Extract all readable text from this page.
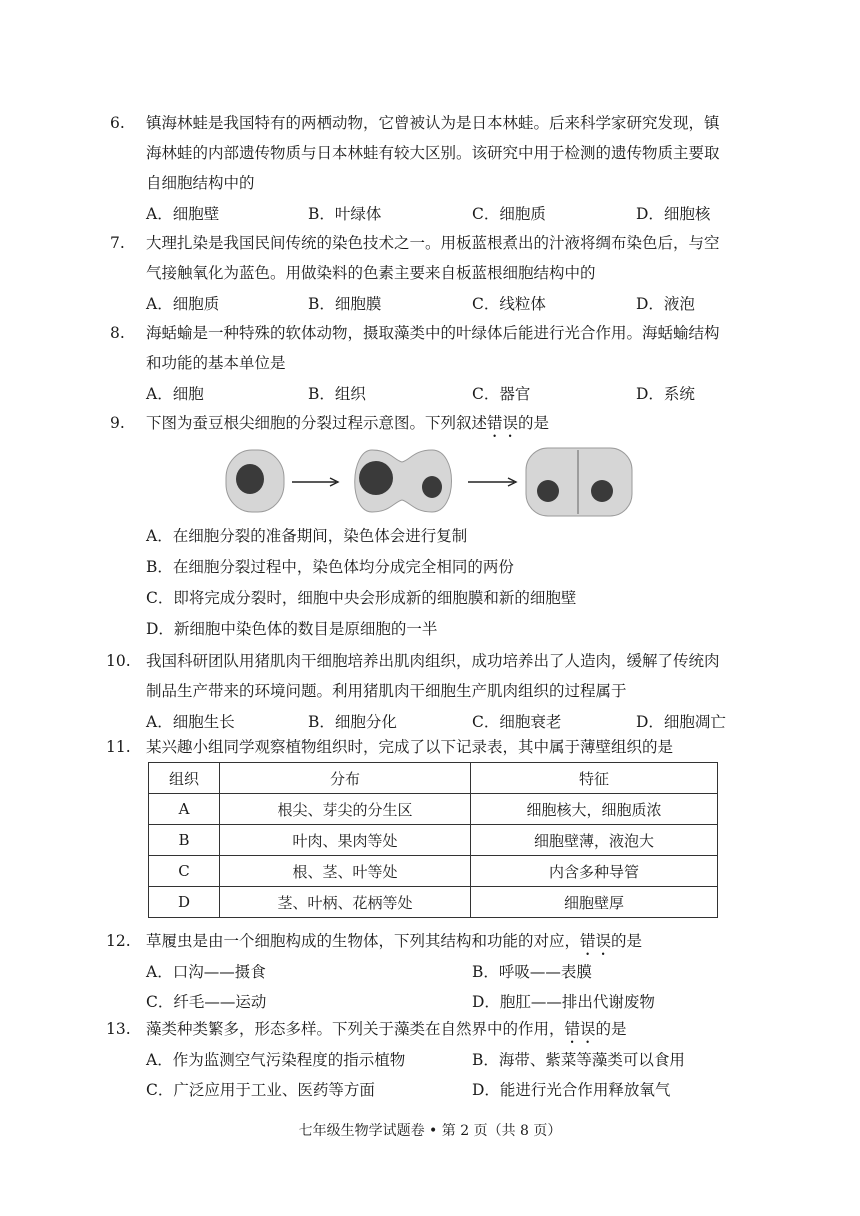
6.	镇海林蛙是我国特有的两栖动物，它曾被认为是日本林蛙。后来科学家研究发现，镇
海林蛙的内部遗传物质与日本林蛙有较大区别。该研究中用于检测的遗传物质主要取
自细胞结构中的
A．细胞壁	B．叶绿体	C．细胞质	D．细胞核
7.	大理扎染是我国民间传统的染色技术之一。用板蓝根煮出的汁液将绸布染色后，与空
气接触氧化为蓝色。用做染料的色素主要来自板蓝根细胞结构中的
A．细胞质	B．细胞膜	C．线粒体	D．液泡
8.	海蛞蝓是一种特殊的软体动物，摄取藻类中的叶绿体后能进行光合作用。海蛞蝓结构
和功能的基本单位是
A．细胞	B．组织	C．器官	D．系统
9.	下图为蚕豆根尖细胞的分裂过程示意图。下列叙述错误的是
A．在细胞分裂的准备期间，染色体会进行复制
B．在细胞分裂过程中，染色体均分成完全相同的两份
C．即将完成分裂时，细胞中央会形成新的细胞膜和新的细胞壁
D．新细胞中染色体的数目是原细胞的一半
10. 我国科研团队用猪肌肉干细胞培养出肌肉组织，成功培养出了人造肉，缓解了传统肉
制品生产带来的环境问题。利用猪肌肉干细胞生产肌肉组织的过程属于
A．细胞生长	B．细胞分化	C．细胞衰老	D．细胞凋亡
11. 某兴趣小组同学观察植物组织时，完成了以下记录表，其中属于薄壁组织的是
组织	分布	特征
A	根尖、芽尖的分生区	细胞核大，细胞质浓
B	叶肉、果肉等处	细胞壁薄，液泡大
C	根、茎、叶等处	内含多种导管
D	茎、叶柄、花柄等处	细胞壁厚
12. 草履虫是由一个细胞构成的生物体，下列其结构和功能的对应，错误的是
A．口沟——摄食	B．呼吸——表膜
C．纤毛——运动	D．胞肛——排出代谢废物
13. 藻类种类繁多，形态多样。下列关于藻类在自然界中的作用，错误的是
A．作为监测空气污染程度的指示植物	B．海带、紫菜等藻类可以食用
C．广泛应用于工业、医药等方面	D．能进行光合作用释放氧气
七年级生物学试题卷 • 第 2 页（共 8 页）
